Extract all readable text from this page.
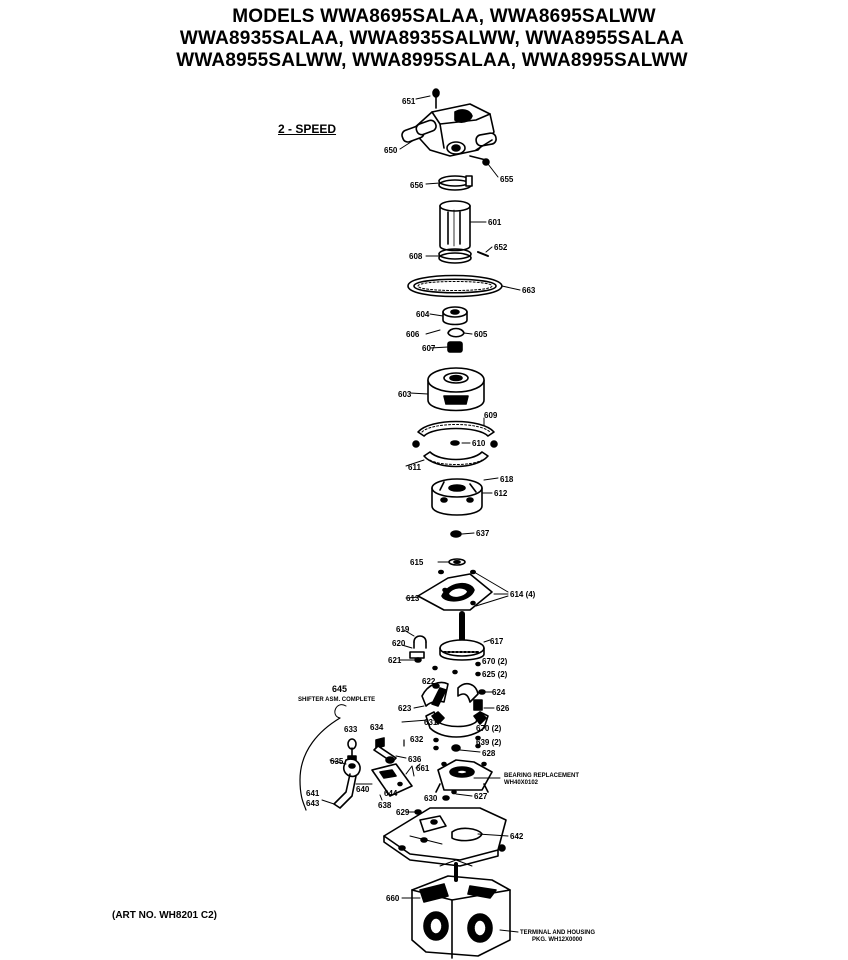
MODELS WWA8695SALAA, WWA8695SALWW
WWA8935SALAA, WWA8935SALWW, WWA8955SALAA
WWA8955SALWW, WWA8995SALAA, WWA8995SALWW
2 - SPEED
(ART NO. WH8201 C2)
651
650
655
656
601
652
608
663
604
605
606
607
603
609
610
611
618
612
637
615
613	614 (4)
617
619
620
621	670 (2)
625 (2)
622
624
623	626
631
632
633 634
635	636
638
640
641
670 (2)
639 (2)
627
628
629
630
642
643
644
660
661
645
SHIFTER ASM. COMPLETE
BEARING REPLACEMENT
WH40X0102
TERMINAL AND HOUSING
PKG. WH12X0000
